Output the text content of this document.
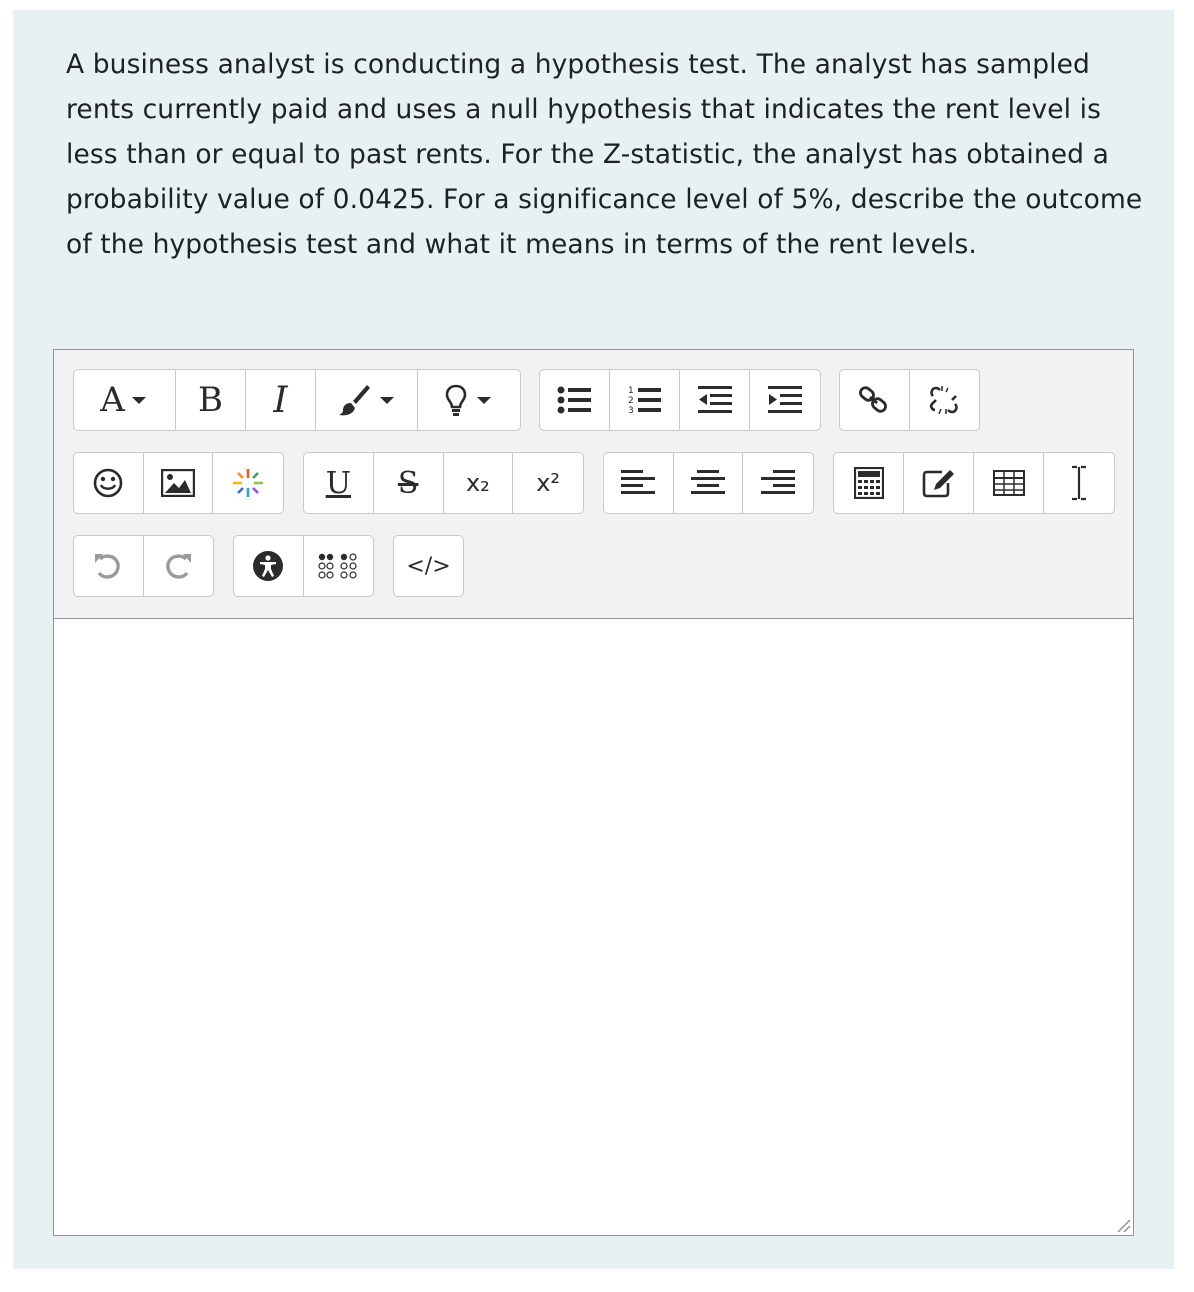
A business analyst is conducting a hypothesis test. The analyst has sampled rents currently paid and uses a null hypothesis that indicates the rent level is less than or equal to past rents. For the Z-statistic, the analyst has obtained a probability value of 0.0425. For a significance level of 5%, describe the outcome of the hypothesis test and what it means in terms of the rent levels.
A B I	1
2
3
U S x₂ x²
</>
